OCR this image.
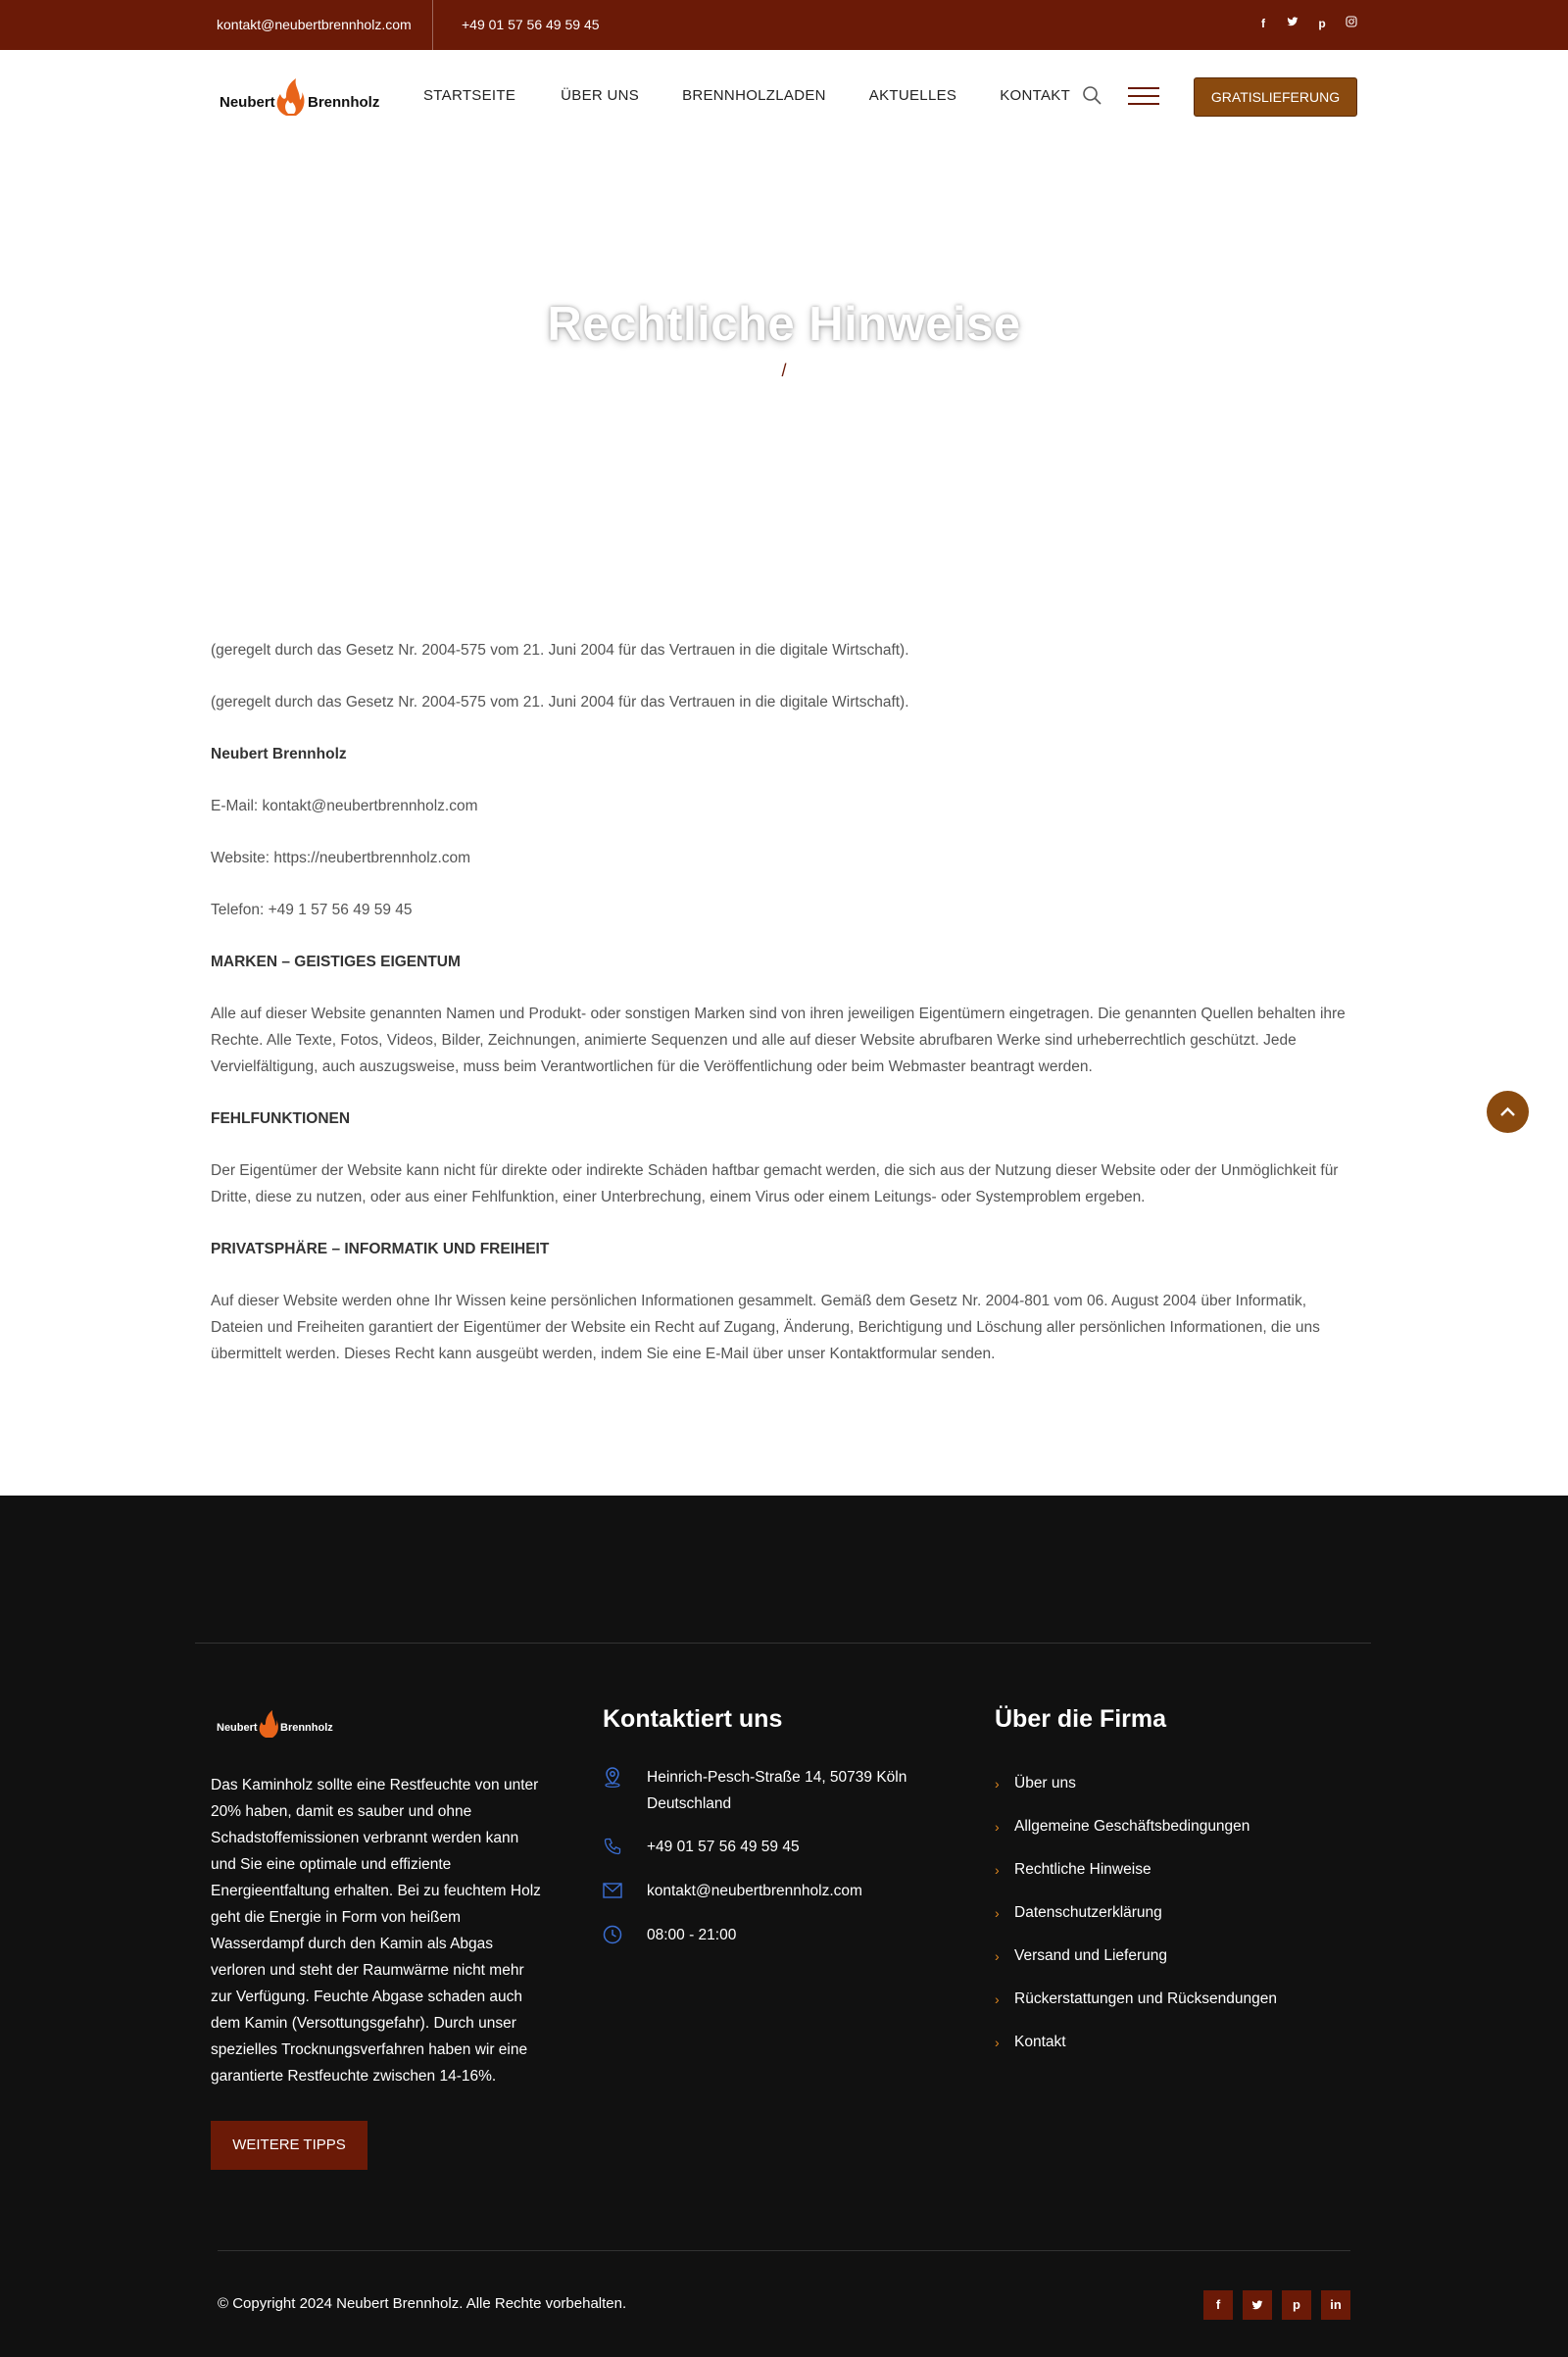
kontakt@neubertbrennholz.com	+49 01 57 56 49 59 45	f	p
Neubert Brennholz	STARTSEITE	ÜBER UNS	BRENNHOLZLADEN	AKTUELLES	KONTAKT	GRATISLIEFERUNG
Rechtliche Hinweise
/

(geregelt durch das Gesetz Nr. 2004-575 vom 21. Juni 2004 für das Vertrauen in die digitale Wirtschaft).

(geregelt durch das Gesetz Nr. 2004-575 vom 21. Juni 2004 für das Vertrauen in die digitale Wirtschaft).

Neubert Brennholz

E-Mail: kontakt@neubertbrennholz.com

Website: https://neubertbrennholz.com

Telefon: +49 1 57 56 49 59 45

MARKEN – GEISTIGES EIGENTUM

Alle auf dieser Website genannten Namen und Produkt- oder sonstigen Marken sind von ihren jeweiligen Eigentümern eingetragen. Die genannten Quellen behalten ihre Rechte. Alle Texte, Fotos, Videos, Bilder, Zeichnungen, animierte Sequenzen und alle auf dieser Website abrufbaren Werke sind urheberrechtlich geschützt. Jede Vervielfältigung, auch auszugsweise, muss beim Verantwortlichen für die Veröffentlichung oder beim Webmaster beantragt werden.

FEHLFUNKTIONEN

Der Eigentümer der Website kann nicht für direkte oder indirekte Schäden haftbar gemacht werden, die sich aus der Nutzung dieser Website oder der Unmöglichkeit für Dritte, diese zu nutzen, oder aus einer Fehlfunktion, einer Unterbrechung, einem Virus oder einem Leitungs- oder Systemproblem ergeben.

PRIVATSPHÄRE – INFORMATIK UND FREIHEIT

Auf dieser Website werden ohne Ihr Wissen keine persönlichen Informationen gesammelt. Gemäß dem Gesetz Nr. 2004-801 vom 06. August 2004 über Informatik, Dateien und Freiheiten garantiert der Eigentümer der Website ein Recht auf Zugang, Änderung, Berichtigung und Löschung aller persönlichen Informationen, die uns übermittelt werden. Dieses Recht kann ausgeübt werden, indem Sie eine E-Mail über unser Kontaktformular senden.

Neubert Brennholz

Das Kaminholz sollte eine Restfeuchte von unter 20% haben, damit es sauber und ohne Schadstoffemissionen verbrannt werden kann und Sie eine optimale und effiziente Energieentfaltung erhalten. Bei zu feuchtem Holz geht die Energie in Form von heißem Wasserdampf durch den Kamin als Abgas verloren und steht der Raumwärme nicht mehr zur Verfügung. Feuchte Abgase schaden auch dem Kamin (Versottungsgefahr). Durch unser spezielles Trocknungsverfahren haben wir eine garantierte Restfeuchte zwischen 14-16%.

WEITERE TIPPS
Kontaktiert uns
Heinrich-Pesch-Straße 14, 50739 Köln Deutschland
+49 01 57 56 49 59 45
kontakt@neubertbrennholz.com
08:00 - 21:00
Über die Firma
› Über uns
› Allgemeine Geschäftsbedingungen
› Rechtliche Hinweise
› Datenschutzerklärung
› Versand und Lieferung
› Rückerstattungen und Rücksendungen
› Kontakt
© Copyright 2024 Neubert Brennholz. Alle Rechte vorbehalten.	f	p	in
